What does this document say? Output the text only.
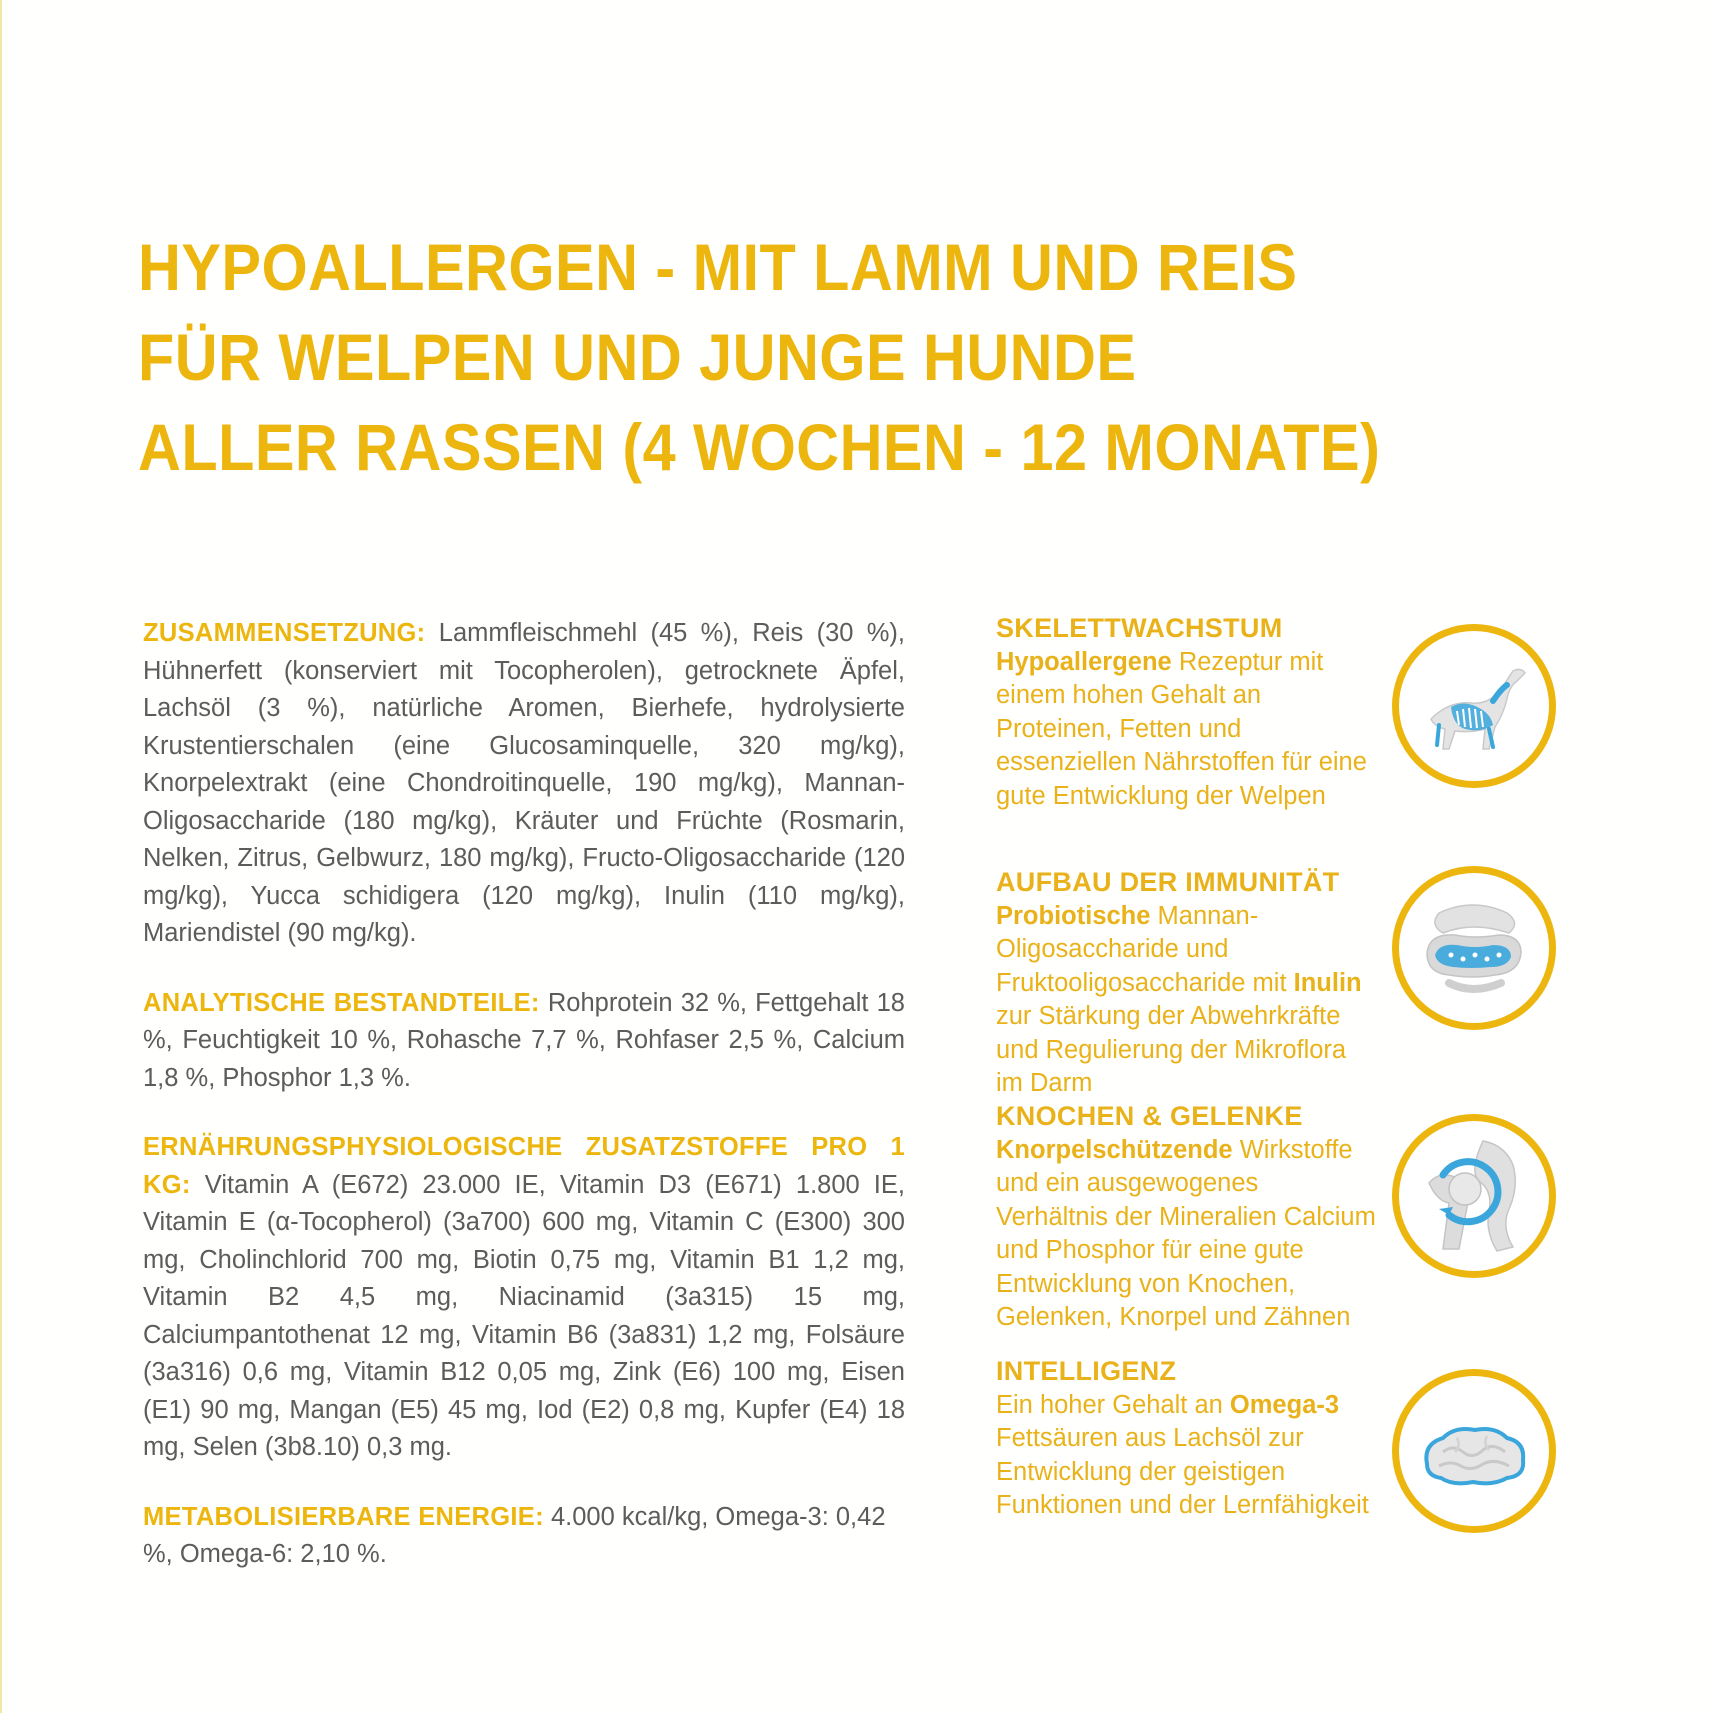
HYPOALLERGEN - MIT LAMM UND REIS
FÜR WELPEN UND JUNGE HUNDE
ALLER RASSEN (4 WOCHEN - 12 MONATE)

ZUSAMMENSETZUNG: Lammfleischmehl (45 %), Reis (30 %), Hühnerfett (konserviert mit Tocopherolen), getrocknete Äpfel, Lachsöl (3 %), natürliche Aromen, Bierhefe, hydrolysierte Krustentierschalen (eine Glucosaminquelle, 320 mg/kg), Knorpelextrakt (eine Chondroitinquelle, 190 mg/kg), Mannan-Oligosaccharide (180 mg/kg), Kräuter und Früchte (Rosmarin, Nelken, Zitrus, Gelbwurz, 180 mg/kg), Fructo-Oligosaccharide (120 mg/kg), Yucca schidigera (120 mg/kg), Inulin (110 mg/kg), Mariendistel (90 mg/kg).

ANALYTISCHE BESTANDTEILE: Rohprotein 32 %, Fettgehalt 18 %, Feuchtigkeit 10 %, Rohasche 7,7 %, Rohfaser 2,5 %, Calcium 1,8 %, Phosphor 1,3 %.

ERNÄHRUNGSPHYSIOLOGISCHE ZUSATZSTOFFE PRO 1 KG: Vitamin A (E672) 23.000 IE, Vitamin D3 (E671) 1.800 IE, Vitamin E (α-Tocopherol) (3a700) 600 mg, Vitamin C (E300) 300 mg, Cholinchlorid 700 mg, Biotin 0,75 mg, Vitamin B1 1,2 mg, Vitamin B2 4,5 mg, Niacinamid (3a315) 15 mg, Calciumpantothenat 12 mg, Vitamin B6 (3a831) 1,2 mg, Folsäure (3a316) 0,6 mg, Vitamin B12 0,05 mg, Zink (E6) 100 mg, Eisen (E1) 90 mg, Mangan (E5) 45 mg, Iod (E2) 0,8 mg, Kupfer (E4) 18 mg, Selen (3b8.10) 0,3 mg.

METABOLISIERBARE ENERGIE: 4.000 kcal/kg, Omega-3: 0,42 %, Omega-6: 2,10 %.

SKELETTWACHSTUM
Hypoallergene Rezeptur mit einem hohen Gehalt an Proteinen, Fetten und essenziellen Nährstoffen für eine gute Entwicklung der Welpen
AUFBAU DER IMMUNITÄT
Probiotische Mannan-Oligosaccharide und Fruktooligosaccharide mit Inulin zur Stärkung der Abwehrkräfte und Regulierung der Mikroflora im Darm
KNOCHEN & GELENKE
Knorpelschützende Wirkstoffe und ein ausgewogenes Verhältnis der Mineralien Calcium und Phosphor für eine gute Entwicklung von Knochen, Gelenken, Knorpel und Zähnen
INTELLIGENZ
Ein hoher Gehalt an Omega-3 Fettsäuren aus Lachsöl zur Entwicklung der geistigen Funktionen und der Lernfähigkeit
